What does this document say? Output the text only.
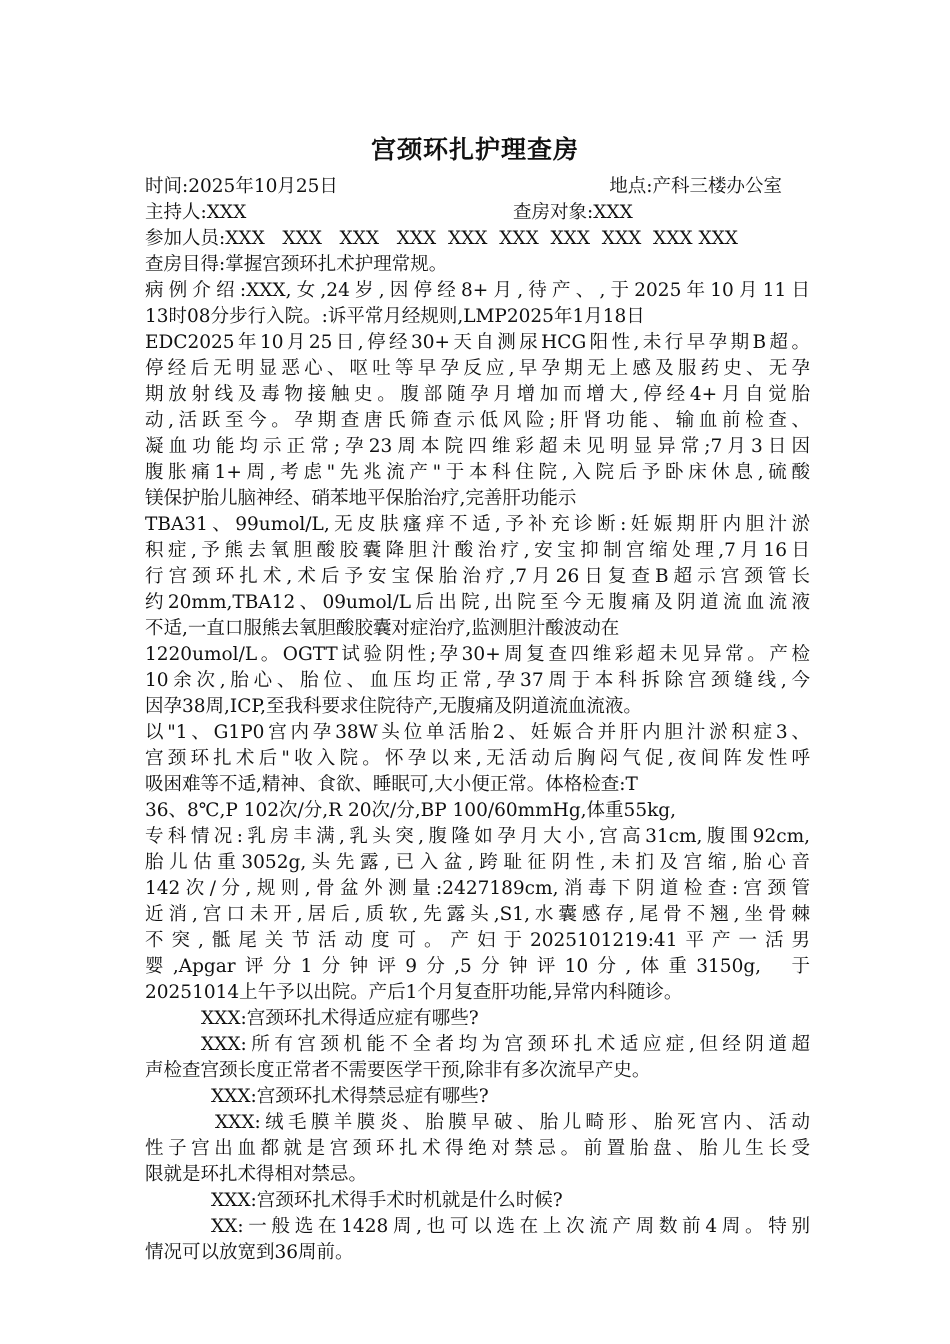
宫颈环扎护理查房
时间:2025年10月25日	地点:产科三楼办公室
主持人:XXX	查房对象:XXX
参加人员:XXX   XXX   XXX   XXX  XXX  XXX  XXX  XXX  XXX XXX
查房目得:掌握宫颈环扎术护理常规。
病例介绍:XXX,女,24岁,因停经8+月,待产、,于2025年10月11日
13时08分步行入院。:诉平常月经规则,LMP2025年1月18日
EDC2025年10月25日,停经30+天自测尿HCG阳性,未行早孕期B超。
停经后无明显恶心、呕吐等早孕反应,早孕期无上感及服药史、无孕
期放射线及毒物接触史。腹部随孕月增加而增大,停经4+月自觉胎
动,活跃至今。孕期查唐氏筛查示低风险;肝肾功能、输血前检查、
凝血功能均示正常;孕23周本院四维彩超未见明显异常;7月3日因
腹胀痛1+周,考虑"先兆流产"于本科住院,入院后予卧床休息,硫酸
镁保护胎儿脑神经、硝苯地平保胎治疗,完善肝功能示
TBA31、99umol/L,无皮肤瘙痒不适,予补充诊断:妊娠期肝内胆汁淤
积症,予熊去氧胆酸胶囊降胆汁酸治疗,安宝抑制宫缩处理,7月16日
行宫颈环扎术,术后予安宝保胎治疗,7月26日复查B超示宫颈管长
约20mm,TBA12、09umol/L后出院,出院至今无腹痛及阴道流血流液
不适,一直口服熊去氧胆酸胶囊对症治疗,监测胆汁酸波动在
1220umol/L。OGTT试验阴性;孕30+周复查四维彩超未见异常。产检
10余次,胎心、胎位、血压均正常,孕37周于本科拆除宫颈缝线,今
因孕38周,ICP,至我科要求住院待产,无腹痛及阴道流血流液。
以"1、G1P0宫内孕38W头位单活胎2、妊娠合并肝内胆汁淤积症3、
宫颈环扎术后"收入院。怀孕以来,无活动后胸闷气促,夜间阵发性呼
吸困难等不适,精神、食欲、睡眠可,大小便正常。体格检查:T
36、8℃,P 102次/分,R 20次/分,BP 100/60mmHg,体重55kg,
专科情况:乳房丰满,乳头突,腹隆如孕月大小,宫高31cm,腹围92cm,
胎儿估重3052g,头先露,已入盆,跨耻征阴性,未扪及宫缩,胎心音
142次/分,规则,骨盆外测量:2427189cm,消毒下阴道检查:宫颈管
近消,宫口未开,居后,质软,先露头,S1,水囊感存,尾骨不翘,坐骨棘
不突,骶尾关节活动度可。产妇于2025101219:41平产一活男
婴,Apgar评分1分钟评9分,5分钟评10分,体重3150g,  于
20251014上午予以出院。产后1个月复查肝功能,异常内科随诊。
XXX:宫颈环扎术得适应症有哪些?
XXX:所有宫颈机能不全者均为宫颈环扎术适应症,但经阴道超
声检查宫颈长度正常者不需要医学干预,除非有多次流早产史。
XXX:宫颈环扎术得禁忌症有哪些?
XXX:绒毛膜羊膜炎、胎膜早破、胎儿畸形、胎死宫内、活动
性子宫出血都就是宫颈环扎术得绝对禁忌。前置胎盘、胎儿生长受
限就是环扎术得相对禁忌。
XXX:宫颈环扎术得手术时机就是什么时候?
XX:一般选在1428周,也可以选在上次流产周数前4周。特别
情况可以放宽到36周前。
